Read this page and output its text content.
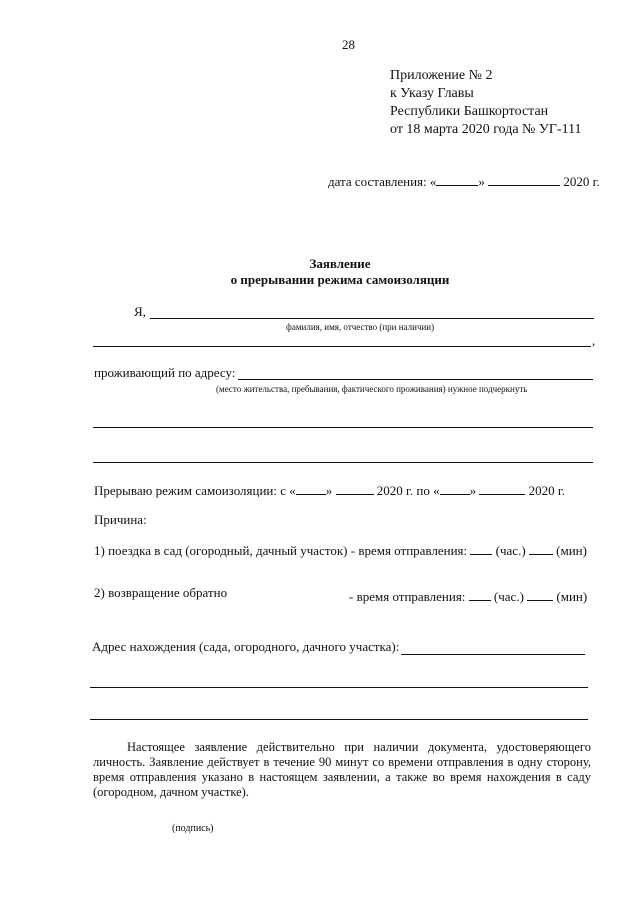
28
Приложение № 2
к Указу Главы
Республики Башкортостан
от 18 марта 2020 года № УГ-111
дата составления: «	»	2020 г.
Заявление
о прерывании режима самоизоляции
Я,
фамилия, имя, отчество (при наличии)
,
проживающий по адресу:
(место жительства, пребывания, фактического проживания) нужное подчеркнуть
Прерываю режим самоизоляции: с « »	2020 г. по « »	2020 г.
Причина:
1) поездка в сад (огородный, дачный участок) - время отправления: (час.) (мин)
2) возвращение обратно	- время отправления: (час.)	(мин)
Адрес нахождения (сада, огородного, дачного участка):
Настоящее заявление действительно при наличии документа, удостоверяющего личность. Заявление действует в течение 90 минут со времени отправления в одну сторону, время отправления указано в настоящем заявлении, а также во время нахождения в саду (огородном, дачном участке).
(подпись)
